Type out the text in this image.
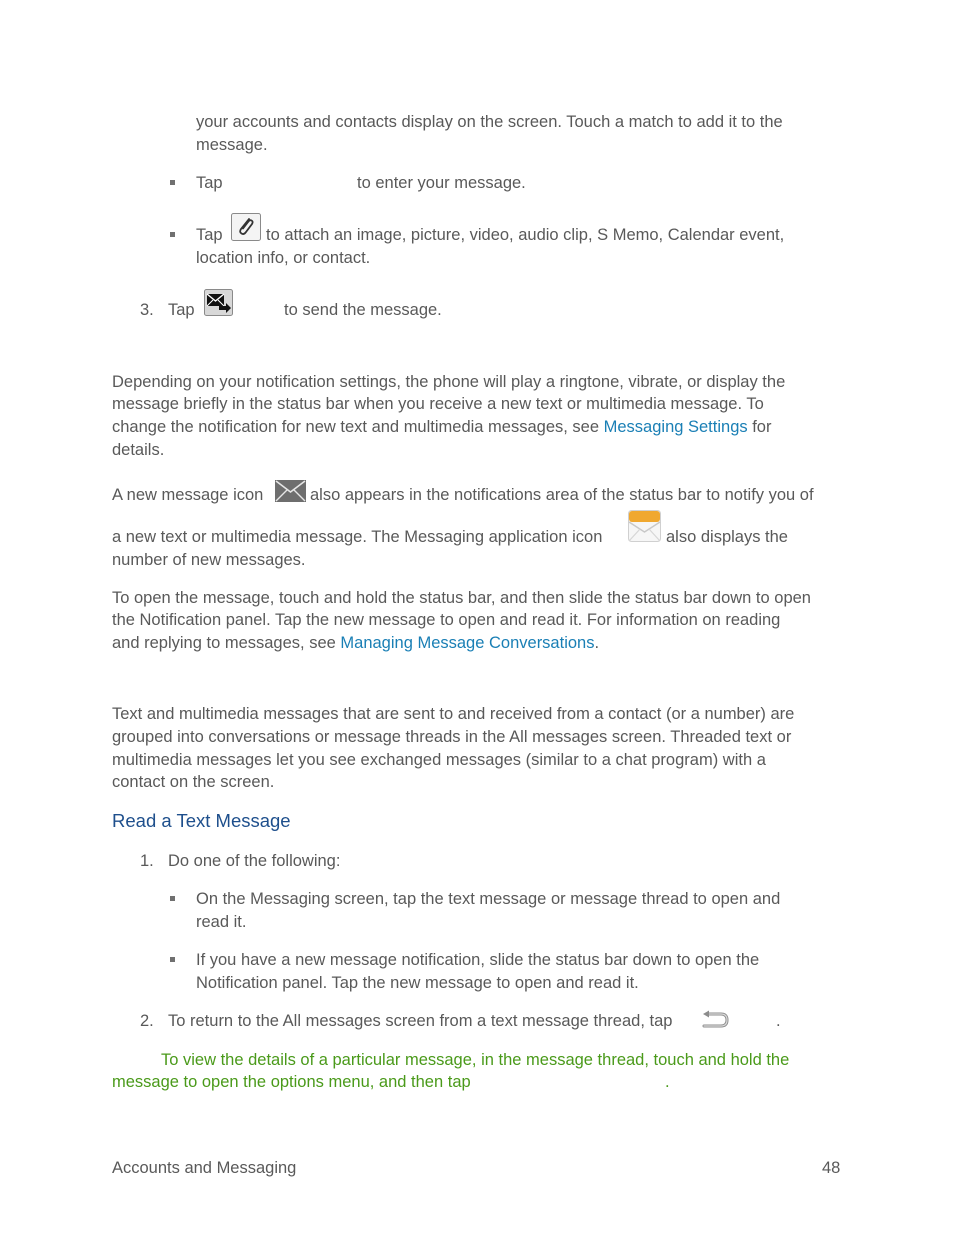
your accounts and contacts display on the screen. Touch a match to add it to the
message.
Tap	to enter your message.
Tap	to attach an image, picture, video, audio clip, S Memo, Calendar event,
location info, or contact.
3. Tap	to send the message.
Depending on your notification settings, the phone will play a ringtone, vibrate, or display the
message briefly in the status bar when you receive a new text or multimedia message. To
change the notification for new text and multimedia messages, see Messaging Settings for
details.
A new message icon	also appears in the notifications area of the status bar to notify you of
a new text or multimedia message. The Messaging application icon	also displays the
number of new messages.
To open the message, touch and hold the status bar, and then slide the status bar down to open
the Notification panel. Tap the new message to open and read it. For information on reading
and replying to messages, see Managing Message Conversations.
Text and multimedia messages that are sent to and received from a contact (or a number) are
grouped into conversations or message threads in the All messages screen. Threaded text or
multimedia messages let you see exchanged messages (similar to a chat program) with a
contact on the screen.
Read a Text Message
1. Do one of the following:
On the Messaging screen, tap the text message or message thread to open and
read it.
If you have a new message notification, slide the status bar down to open the
Notification panel. Tap the new message to open and read it.
2. To return to the All messages screen from a text message thread, tap	.
To view the details of a particular message, in the message thread, touch and hold the
message to open the options menu, and then tap	.
Accounts and Messaging	48
